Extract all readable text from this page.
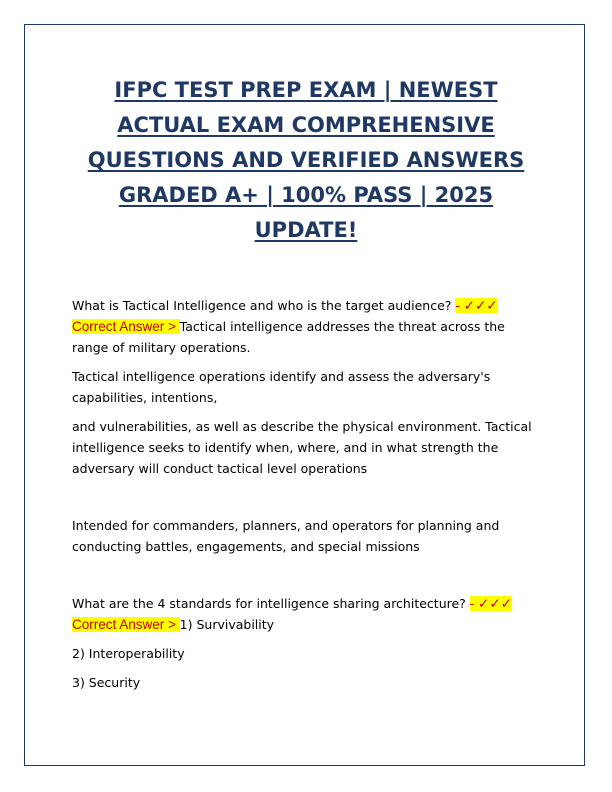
IFPC TEST PREP EXAM | NEWEST
ACTUAL EXAM COMPREHENSIVE
QUESTIONS AND VERIFIED ANSWERS
GRADED A+ | 100% PASS | 2025
UPDATE!

What is Tactical Intelligence and who is the target audience? - ✓✓✓
Correct Answer > Tactical intelligence addresses the threat across the range of military operations.

Tactical intelligence operations identify and assess the adversary's capabilities, intentions,

and vulnerabilities, as well as describe the physical environment. Tactical intelligence seeks to identify when, where, and in what strength the adversary will conduct tactical level operations

Intended for commanders, planners, and operators for planning and conducting battles, engagements, and special missions

What are the 4 standards for intelligence sharing architecture? - ✓✓✓
Correct Answer > 1) Survivability

2) Interoperability

3) Security
